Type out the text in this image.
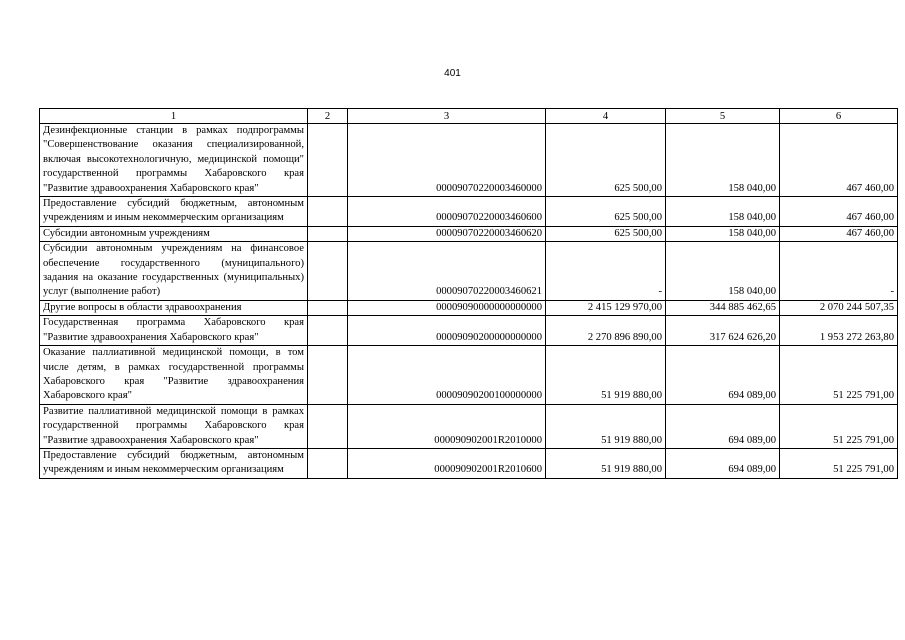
401
1	2	3	4	5	6
Дезинфекционные станции в рамках подпрограммы "Совершенствование оказания специализированной, включая высокотехнологичную, медицинской помощи" государственной программы Хабаровского края "Развитие здравоохранения Хабаровского края"		00009070220003460000	625 500,00	158 040,00	467 460,00
Предоставление субсидий бюджетным, автономным учреждениям и иным некоммерческим организациям		00009070220003460600	625 500,00	158 040,00	467 460,00
Субсидии автономным учреждениям		00009070220003460620	625 500,00	158 040,00	467 460,00
Субсидии автономным учреждениям на финансовое обеспечение государственного (муниципального) задания на оказание государственных (муниципальных) услуг (выполнение работ)		00009070220003460621	-	158 040,00	-
Другие вопросы в области здравоохранения		00009090000000000000	2 415 129 970,00	344 885 462,65	2 070 244 507,35
Государственная программа Хабаровского края "Развитие здравоохранения Хабаровского края"		00009090200000000000	2 270 896 890,00	317 624 626,20	1 953 272 263,80
Оказание паллиативной медицинской помощи, в том числе детям, в рамках государственной программы Хабаровского края "Развитие здравоохранения Хабаровского края"		00009090200100000000	51 919 880,00	694 089,00	51 225 791,00
Развитие паллиативной медицинской помощи в рамках государственной программы Хабаровского края "Развитие здравоохранения Хабаровского края"		000090902001R2010000	51 919 880,00	694 089,00	51 225 791,00
Предоставление субсидий бюджетным, автономным учреждениям и иным некоммерческим организациям		000090902001R2010600	51 919 880,00	694 089,00	51 225 791,00
